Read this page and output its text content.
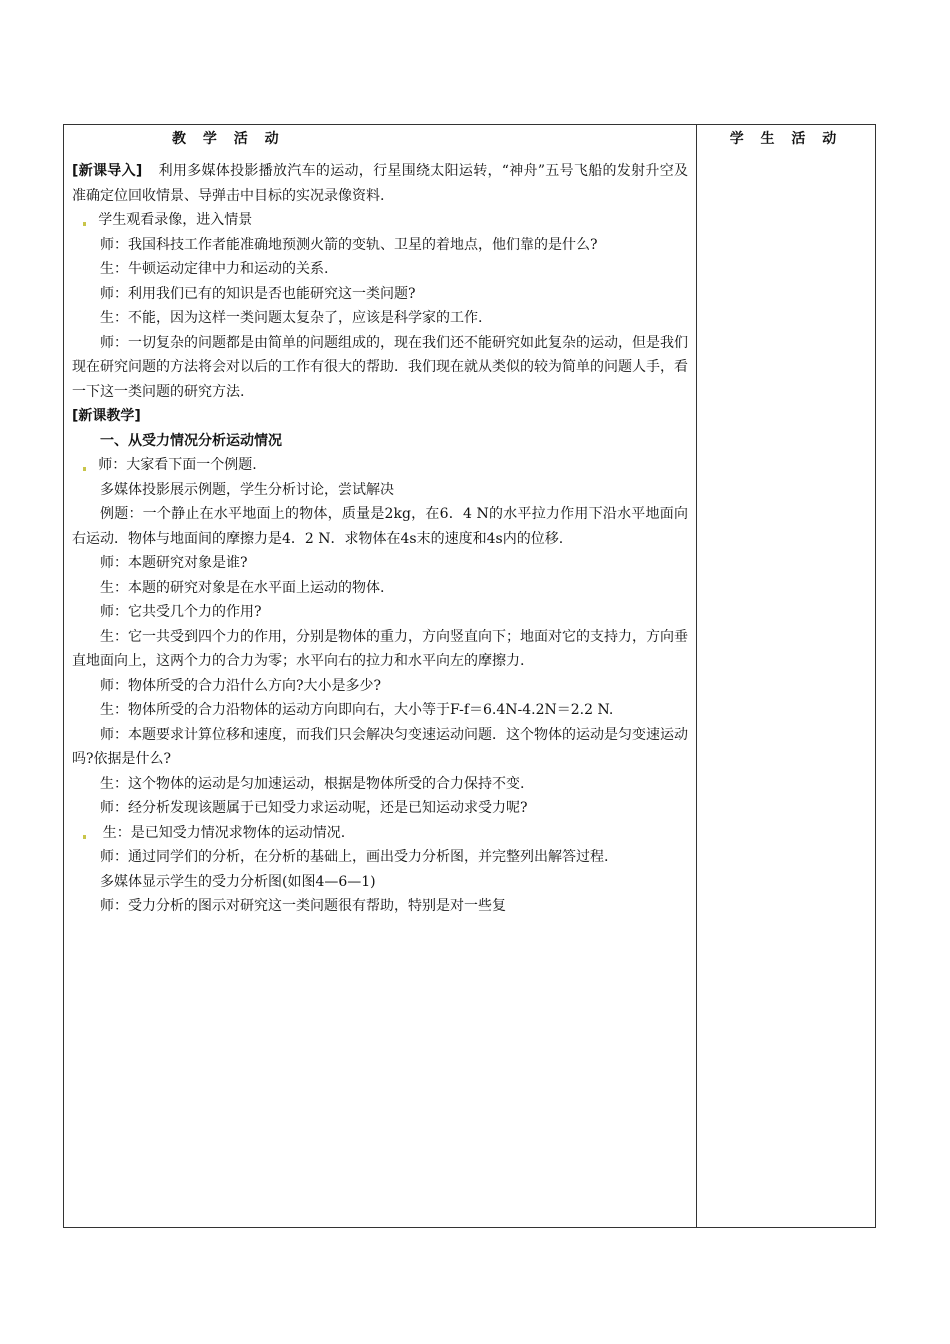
教 学 活 动

[新课导入] 利用多媒体投影播放汽车的运动，行星围绕太阳运转，“神舟”五号飞船的发射升空及准确定位回收情景、导弹击中目标的实况录像资料.

学生观看录像，进入情景

师：我国科技工作者能准确地预测火箭的变轨、卫星的着地点，他们靠的是什么?

生：牛顿运动定律中力和运动的关系.

师：利用我们已有的知识是否也能研究这一类问题?

生：不能，因为这样一类问题太复杂了，应该是科学家的工作.

师：一切复杂的问题都是由简单的问题组成的，现在我们还不能研究如此复杂的运动，但是我们现在研究问题的方法将会对以后的工作有很大的帮助．我们现在就从类似的较为简单的问题人手，看一下这一类问题的研究方法.

[新课教学]

一、从受力情况分析运动情况

师：大家看下面一个例题.

多媒体投影展示例题，学生分析讨论，尝试解决

例题：一个静止在水平地面上的物体，质量是2kg，在6．4 N的水平拉力作用下沿水平地面向右运动．物体与地面间的摩擦力是4．2 N．求物体在4s末的速度和4s内的位移.

师：本题研究对象是谁?

生：本题的研究对象是在水平面上运动的物体.

师：它共受几个力的作用?

生：它一共受到四个力的作用，分别是物体的重力，方向竖直向下；地面对它的支持力，方向垂直地面向上，这两个力的合力为零；水平向右的拉力和水平向左的摩擦力.

师：物体所受的合力沿什么方向?大小是多少?

生：物体所受的合力沿物体的运动方向即向右，大小等于F-f＝6.4N-4.2N＝2.2 N.

师：本题要求计算位移和速度，而我们只会解决匀变速运动问题．这个物体的运动是匀变速运动吗?依据是什么?

生：这个物体的运动是匀加速运动，根据是物体所受的合力保持不变.

师：经分析发现该题属于已知受力求运动呢，还是已知运动求受力呢?

生：是已知受力情况求物体的运动情况.

师：通过同学们的分析，在分析的基础上，画出受力分析图，并完整列出解答过程.

多媒体显示学生的受力分析图(如图4—6—1)

师：受力分析的图示对研究这一类问题很有帮助，特别是对一些复

学 生 活 动
